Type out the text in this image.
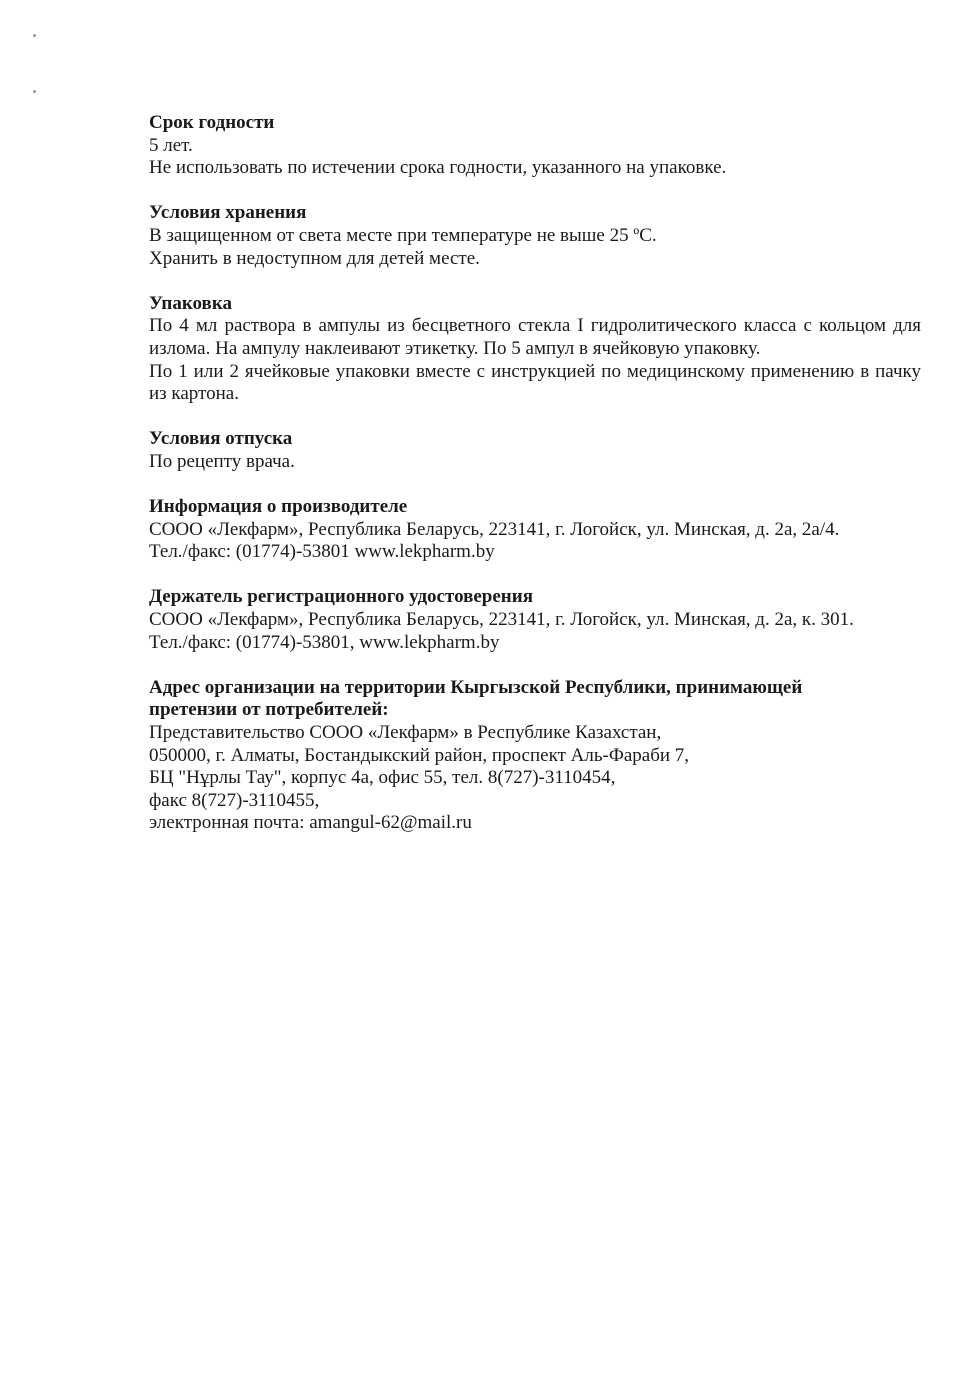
Срок годности

5 лет.

Не использовать по истечении срока годности, указанного на упаковке.

Условия хранения

В защищенном от света месте при температуре не выше 25 ºС.

Хранить в недоступном для детей месте.

Упаковка

По 4 мл раствора в ампулы из бесцветного стекла I гидролитического класса с кольцом для излома. На ампулу наклеивают этикетку. По 5 ампул в ячейковую упаковку.

По 1 или 2 ячейковые упаковки вместе с инструкцией по медицинскому применению в пачку из картона.

Условия отпуска

По рецепту врача.

Информация о производителе

СООО «Лекфарм», Республика Беларусь, 223141, г. Логойск, ул. Минская, д. 2а, 2а/4.

Тел./факс: (01774)-53801 www.lekpharm.by

Держатель регистрационного удостоверения

СООО «Лекфарм», Республика Беларусь, 223141, г. Логойск, ул. Минская, д. 2а, к. 301.

Тел./факс: (01774)-53801, www.lekpharm.by

Адрес организации на территории Кыргызской Республики, принимающей

претензии от потребителей:

Представительство СООО «Лекфарм» в Республике Казахстан,

050000, г. Алматы, Бостандыкский район, проспект Аль-Фараби 7,

БЦ "Нұрлы Тау", корпус 4а, офис 55, тел. 8(727)-3110454,

факс 8(727)-3110455,

электронная почта: amangul-62@mail.ru
